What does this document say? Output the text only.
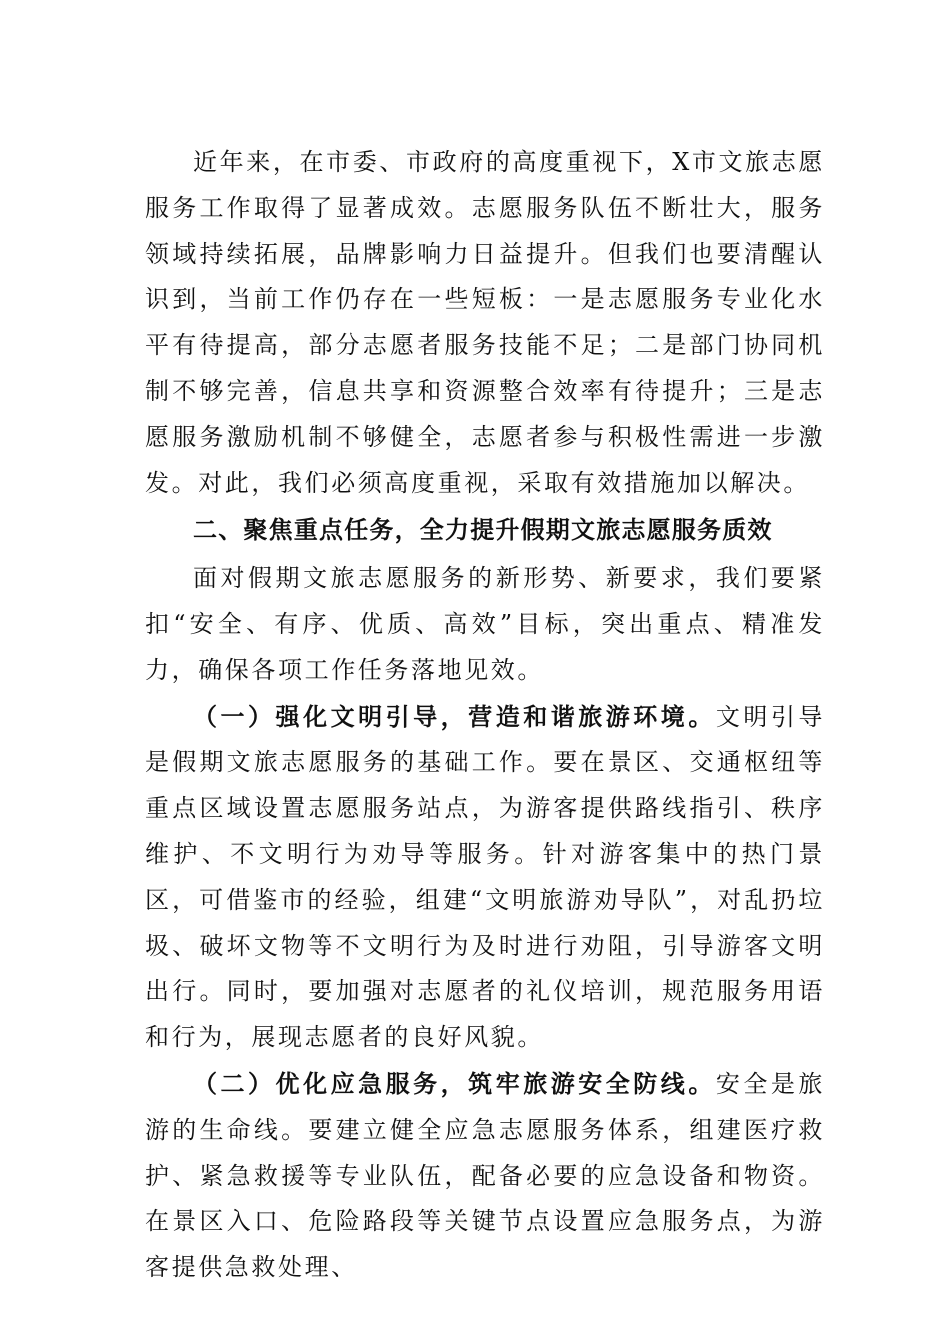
近年来，在市委、市政府的高度重视下，X市文旅志愿服务工作取得了显著成效。志愿服务队伍不断壮大，服务领域持续拓展，品牌影响力日益提升。但我们也要清醒认识到，当前工作仍存在一些短板：一是志愿服务专业化水平有待提高，部分志愿者服务技能不足；二是部门协同机制不够完善，信息共享和资源整合效率有待提升；三是志愿服务激励机制不够健全，志愿者参与积极性需进一步激发。对此，我们必须高度重视，采取有效措施加以解决。

二、聚焦重点任务，全力提升假期文旅志愿服务质效

面对假期文旅志愿服务的新形势、新要求，我们要紧扣“安全、有序、优质、高效”目标，突出重点、精准发力，确保各项工作任务落地见效。

（一）强化文明引导，营造和谐旅游环境。文明引导是假期文旅志愿服务的基础工作。要在景区、交通枢纽等重点区域设置志愿服务站点，为游客提供路线指引、秩序维护、不文明行为劝导等服务。针对游客集中的热门景区，可借鉴市的经验，组建“文明旅游劝导队”，对乱扔垃圾、破坏文物等不文明行为及时进行劝阻，引导游客文明出行。同时，要加强对志愿者的礼仪培训，规范服务用语和行为，展现志愿者的良好风貌。

（二）优化应急服务，筑牢旅游安全防线。安全是旅游的生命线。要建立健全应急志愿服务体系，组建医疗救护、紧急救援等专业队伍，配备必要的应急设备和物资。在景区入口、危险路段等关键节点设置应急服务点，为游客提供急救处理、
